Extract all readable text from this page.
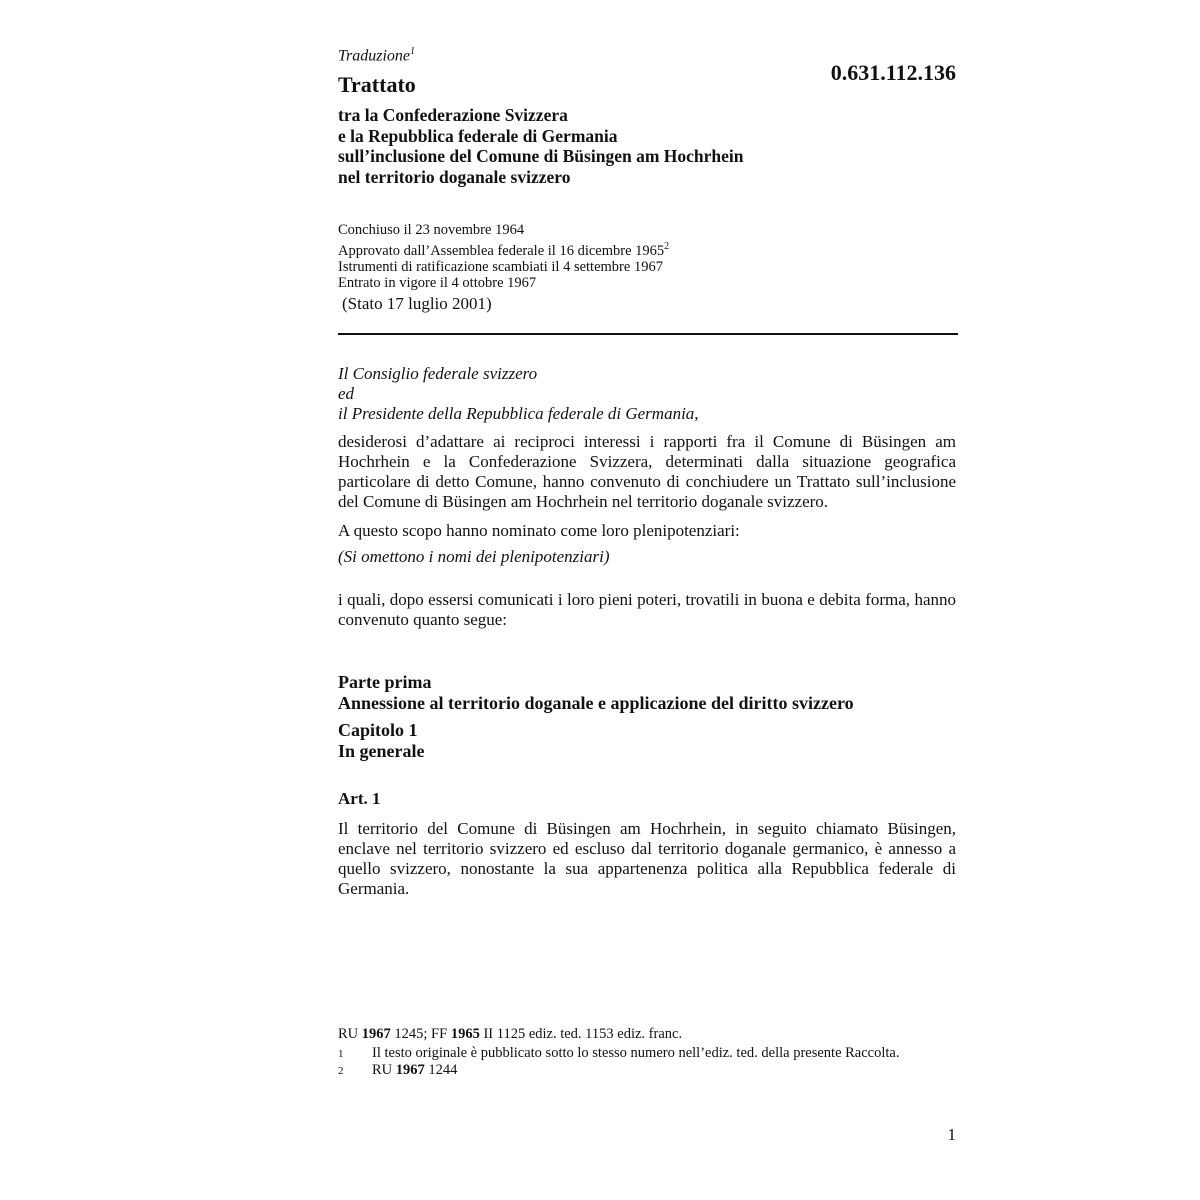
Traduzione$^1$
0.631.112.136
Trattato
tra la Confederazione Svizzera
e la Repubblica federale di Germania
sull’inclusione del Comune di Büsingen am Hochrhein
nel territorio doganale svizzero
Conchiuso il 23 novembre 1964
Approvato dall’Assemblea federale il 16 dicembre 1965$^2$
Istrumenti di ratificazione scambiati il 4 settembre 1967
Entrato in vigore il 4 ottobre 1967
(Stato 17 luglio 2001)
Il Consiglio federale svizzero
ed
il Presidente della Repubblica federale di Germania,
desiderosi d’adattare ai reciproci interessi i rapporti fra il Comune di Büsingen am Hochrhein e la Confederazione Svizzera, determinati dalla situazione geografica particolare di detto Comune, hanno convenuto di conchiudere un Trattato sull’inclusione del Comune di Büsingen am Hochrhein nel territorio doganale svizzero.
A questo scopo hanno nominato come loro plenipotenziari:
(Si omettono i nomi dei plenipotenziari)
i quali, dopo essersi comunicati i loro pieni poteri, trovatili in buona e debita forma, hanno convenuto quanto segue:
Parte prima
Annessione al territorio doganale e applicazione del diritto svizzero
Capitolo 1
In generale
Art. 1
Il territorio del Comune di Büsingen am Hochrhein, in seguito chiamato Büsingen, enclave nel territorio svizzero ed escluso dal territorio doganale germanico, è annesso a quello svizzero, nonostante la sua appartenenza politica alla Repubblica federale di Germania.
RU 1967 1245; FF 1965 II 1125 ediz. ted. 1153 ediz. franc.
1	Il testo originale è pubblicato sotto lo stesso numero nell’ediz. ted. della presente Raccolta.
2	RU 1967 1244
1
